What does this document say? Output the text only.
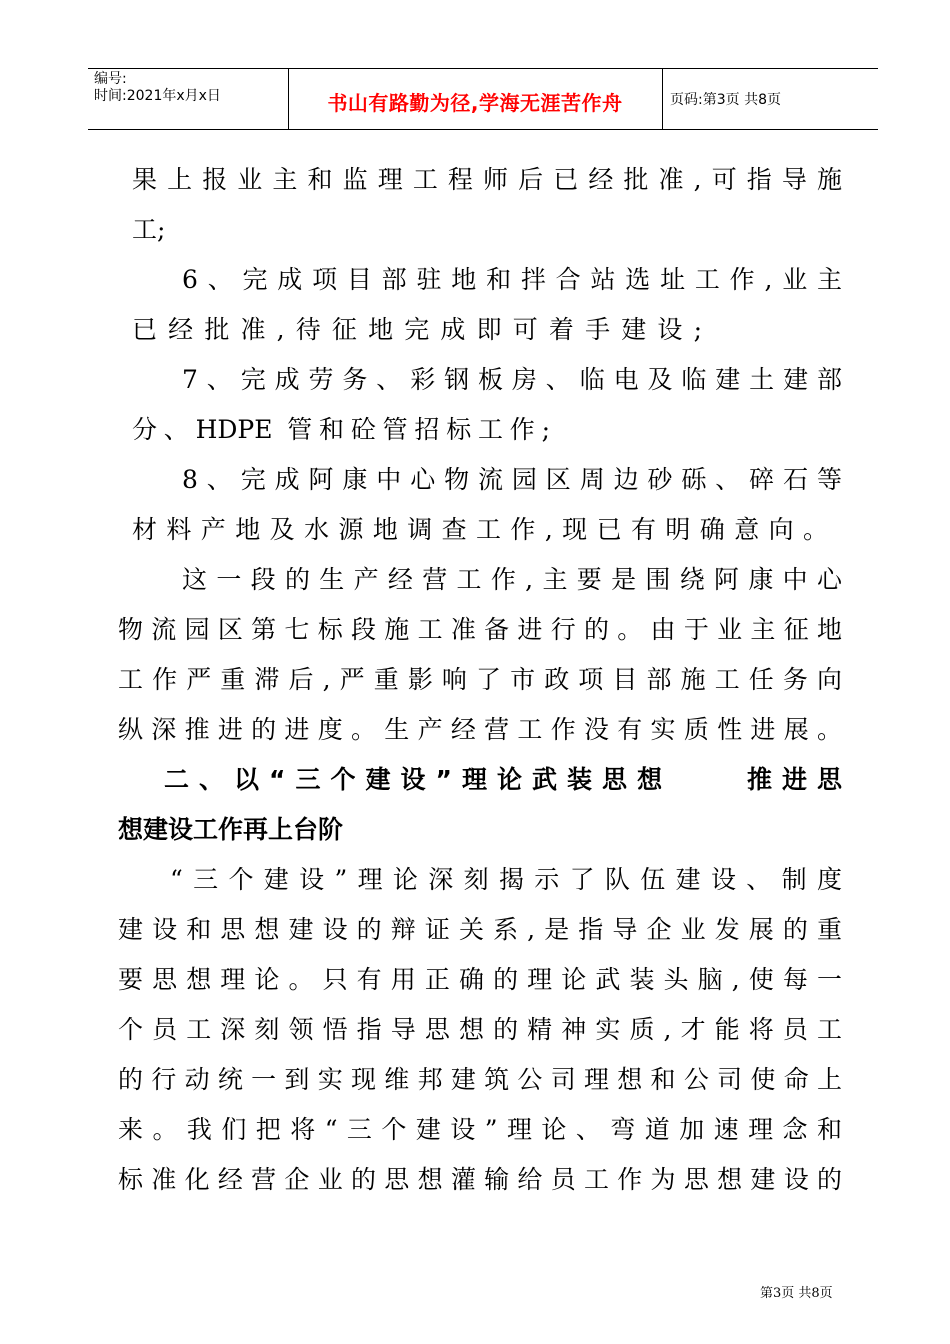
编号:
时间:2021年x月x日	书山有路勤为径,学海无涯苦作舟	页码:第3页 共8页
果上报业主和监理工程师后已经批准,可指导施
工;
6、完成项目部驻地和拌合站选址工作,业主
已经批准,待征地完成即可着手建设;
7、完成劳务、彩钢板房、临电及临建土建部
分、HDPE 管和砼管招标工作;
8、完成阿康中心物流园区周边砂砾、碎石等
材料产地及水源地调查工作,现已有明确意向。
这一段的生产经营工作,主要是围绕阿康中心
物流园区第七标段施工准备进行的。由于业主征地
工作严重滞后,严重影响了市政项目部施工任务向
纵深推进的进度。生产经营工作没有实质性进展。
二、以“三个建设”理论武装思想    推进思
想建设工作再上台阶
“三个建设”理论深刻揭示了队伍建设、制度
建设和思想建设的辩证关系,是指导企业发展的重
要思想理论。只有用正确的理论武装头脑,使每一
个员工深刻领悟指导思想的精神实质,才能将员工
的行动统一到实现维邦建筑公司理想和公司使命上
来。我们把将“三个建设”理论、弯道加速理念和
标准化经营企业的思想灌输给员工作为思想建设的
第3页 共8页
